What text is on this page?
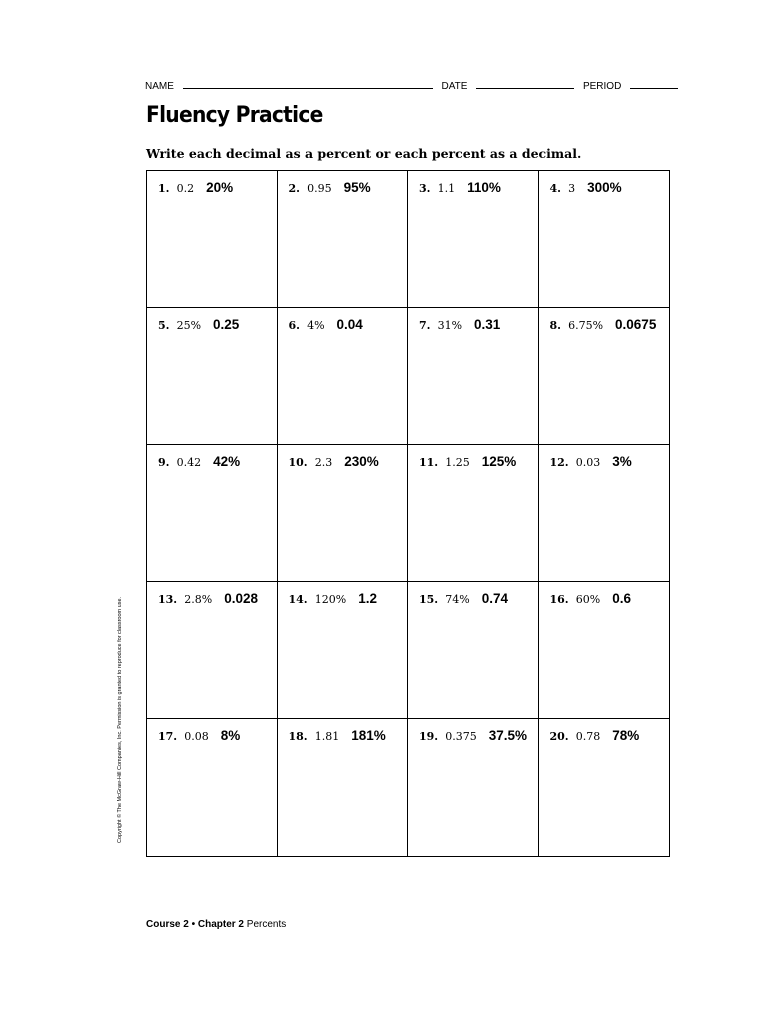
NAME	DATE	PERIOD
Fluency Practice
Write each decimal as a percent or each percent as a decimal.
1. 0.2 20%	2. 0.95 95%	3. 1.1 110%	4. 3 300%
5. 25% 0.25	6. 4% 0.04	7. 31% 0.31	8. 6.75% 0.0675
9. 0.42 42%	10. 2.3 230%	11. 1.25 125%	12. 0.03 3%
13. 2.8% 0.028	14. 120% 1.2	15. 74% 0.74	16. 60% 0.6
17. 0.08 8%	18. 1.81 181%	19. 0.375 37.5%	20. 0.78 78%
Copyright © The McGraw-Hill Companies, Inc. Permission is granted to reproduce for classroom use.
Course 2 • Chapter 2 Percents
